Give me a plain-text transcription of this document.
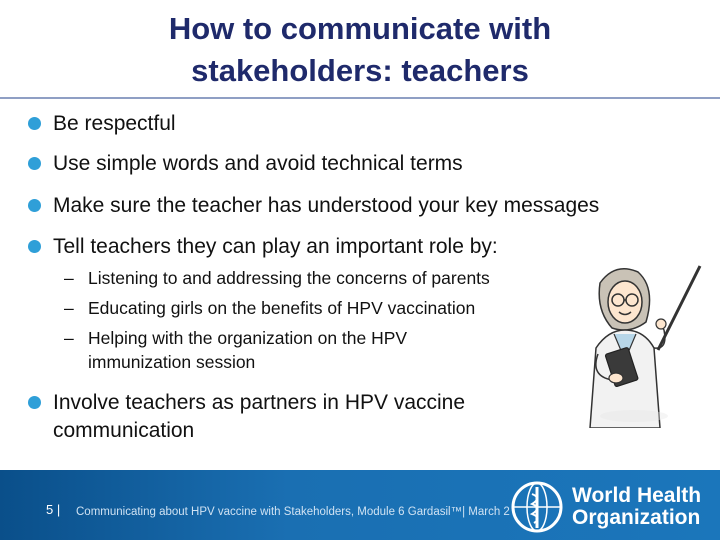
How to communicate with
stakeholders: teachers
Be respectful
Use simple words and avoid technical terms
Make sure the teacher has understood your key messages
Tell teachers they can play an important role by:
– Listening to and addressing the concerns of parents
– Educating girls on the benefits of HPV vaccination
– Helping with the organization on the HPV
immunization session
Involve teachers as partners in HPV vaccine
communication
5 | Communicating about HPV vaccine with Stakeholders, Module 6 Gardasil™| March 2
World Health
Organization
